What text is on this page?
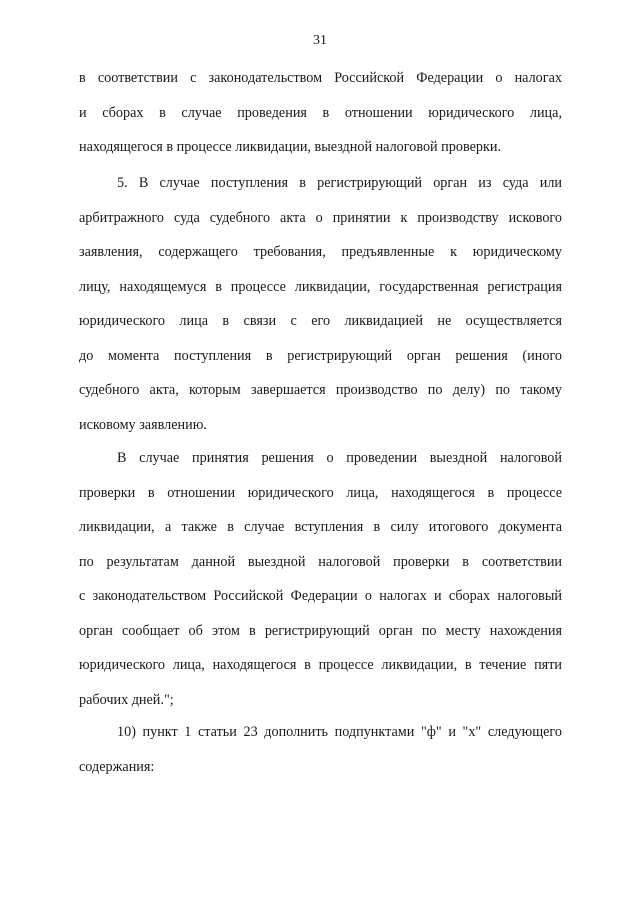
31
в соответствии с законодательством Российской Федерации о налогах
и сборах в случае проведения в отношении юридического лица,
находящегося в процессе ликвидации, выездной налоговой проверки.
5. В случае поступления в регистрирующий орган из суда или
арбитражного суда судебного акта о принятии к производству искового
заявления, содержащего требования, предъявленные к юридическому
лицу, находящемуся в процессе ликвидации, государственная регистрация
юридического лица в связи с его ликвидацией не осуществляется
до момента поступления в регистрирующий орган решения (иного
судебного акта, которым завершается производство по делу) по такому
исковому заявлению.
В случае принятия решения о проведении выездной налоговой
проверки в отношении юридического лица, находящегося в процессе
ликвидации, а также в случае вступления в силу итогового документа
по результатам данной выездной налоговой проверки в соответствии
с законодательством Российской Федерации о налогах и сборах налоговый
орган сообщает об этом в регистрирующий орган по месту нахождения
юридического лица, находящегося в процессе ликвидации, в течение пяти
рабочих дней.";
10) пункт 1 статьи 23 дополнить подпунктами "ф" и "х" следующего
содержания:
